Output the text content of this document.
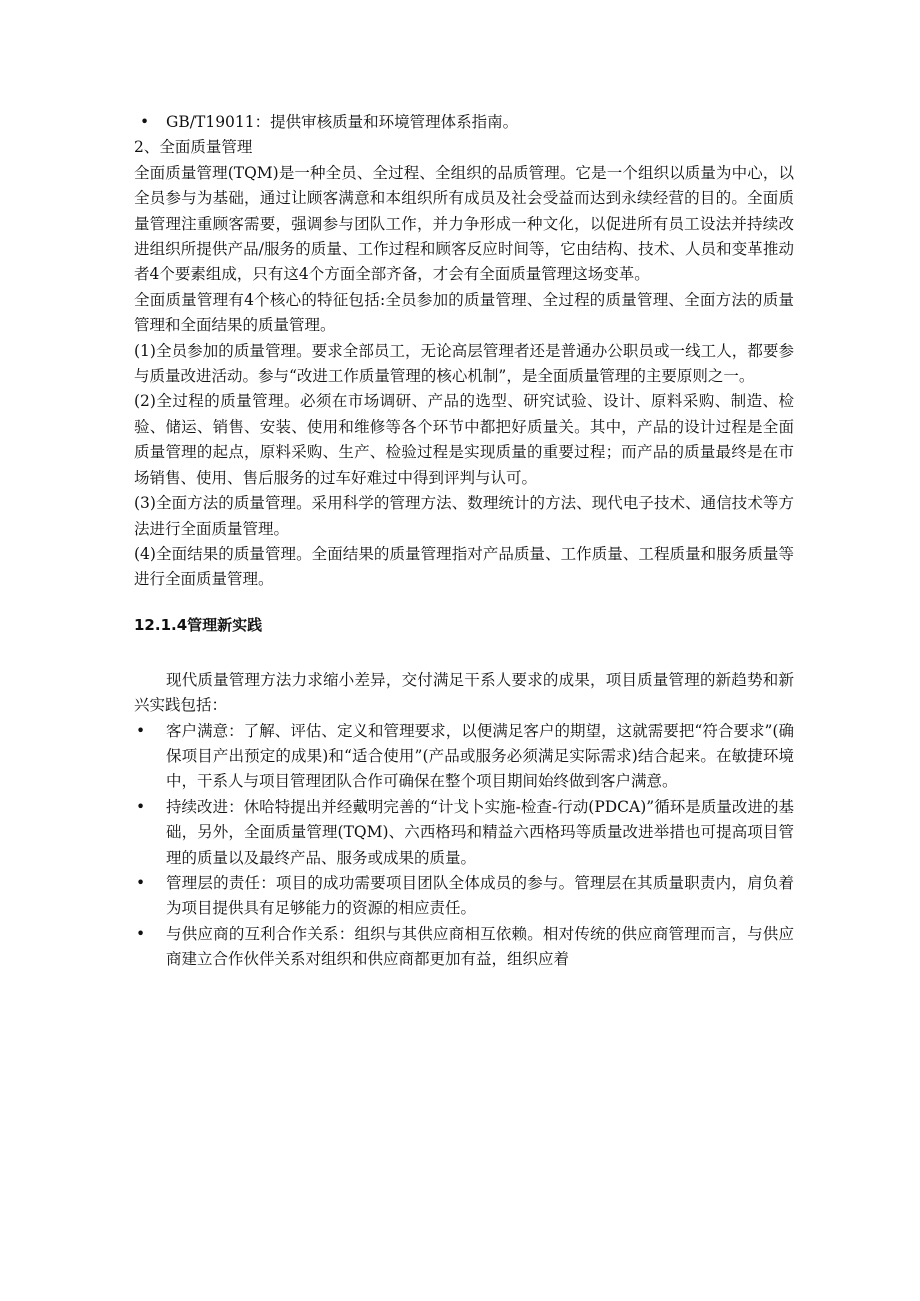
• GB/T19011：提供审核质量和环境管理体系指南。

2、全面质量管理

全面质量管理(TQM)是一种全员、全过程、全组织的品质管理。它是一个组织以质量为中心，以全员参与为基础，通过让顾客满意和本组织所有成员及社会受益而达到永续经营的目的。全面质量管理注重顾客需要，强调参与团队工作，并力争形成一种文化，以促进所有员工设法并持续改进组织所提供产品/服务的质量、工作过程和顾客反应时间等，它由结构、技术、人员和变革推动者4个要素组成，只有这4个方面全部齐备，才会有全面质量管理这场变革。

全面质量管理有4个核心的特征包括:全员参加的质量管理、全过程的质量管理、全面方法的质量管理和全面结果的质量管理。

(1)全员参加的质量管理。要求全部员工，无论高层管理者还是普通办公职员或一线工人，都要参与质量改进活动。参与“改进工作质量管理的核心机制”，是全面质量管理的主要原则之一。

(2)全过程的质量管理。必须在市场调研、产品的选型、研究试验、设计、原料采购、制造、检验、储运、销售、安装、使用和维修等各个环节中都把好质量关。其中，产品的设计过程是全面质量管理的起点，原料采购、生产、检验过程是实现质量的重要过程；而产品的质量最终是在市场销售、使用、售后服务的过车好难过中得到评判与认可。

(3)全面方法的质量管理。采用科学的管理方法、数理统计的方法、现代电子技术、通信技术等方法进行全面质量管理。

(4)全面结果的质量管理。全面结果的质量管理指对产品质量、工作质量、工程质量和服务质量等进行全面质量管理。

12.1.4管理新实践

现代质量管理方法力求缩小差异，交付满足干系人要求的成果，项目质量管理的新趋势和新兴实践包括：

• 客户满意：了解、评估、定义和管理要求，以便满足客户的期望，这就需要把“符合要求”(确保项目产出预定的成果)和“适合使用”(产品或服务必须满足实际需求)结合起来。在敏捷环境中，干系人与项目管理团队合作可确保在整个项目期间始终做到客户满意。
• 持续改进：休哈特提出并经戴明完善的“计戈卜实施-检查-行动(PDCA)”循环是质量改进的基础，另外，全面质量管理(TQM)、六西格玛和精益六西格玛等质量改进举措也可提高项目管理的质量以及最终产品、服务或成果的质量。
• 管理层的责任：项目的成功需要项目团队全体成员的参与。管理层在其质量职责内，肩负着为项目提供具有足够能力的资源的相应责任。
• 与供应商的互利合作关系：组织与其供应商相互依赖。相对传统的供应商管理而言，与供应商建立合作伙伴关系对组织和供应商都更加有益，组织应着
